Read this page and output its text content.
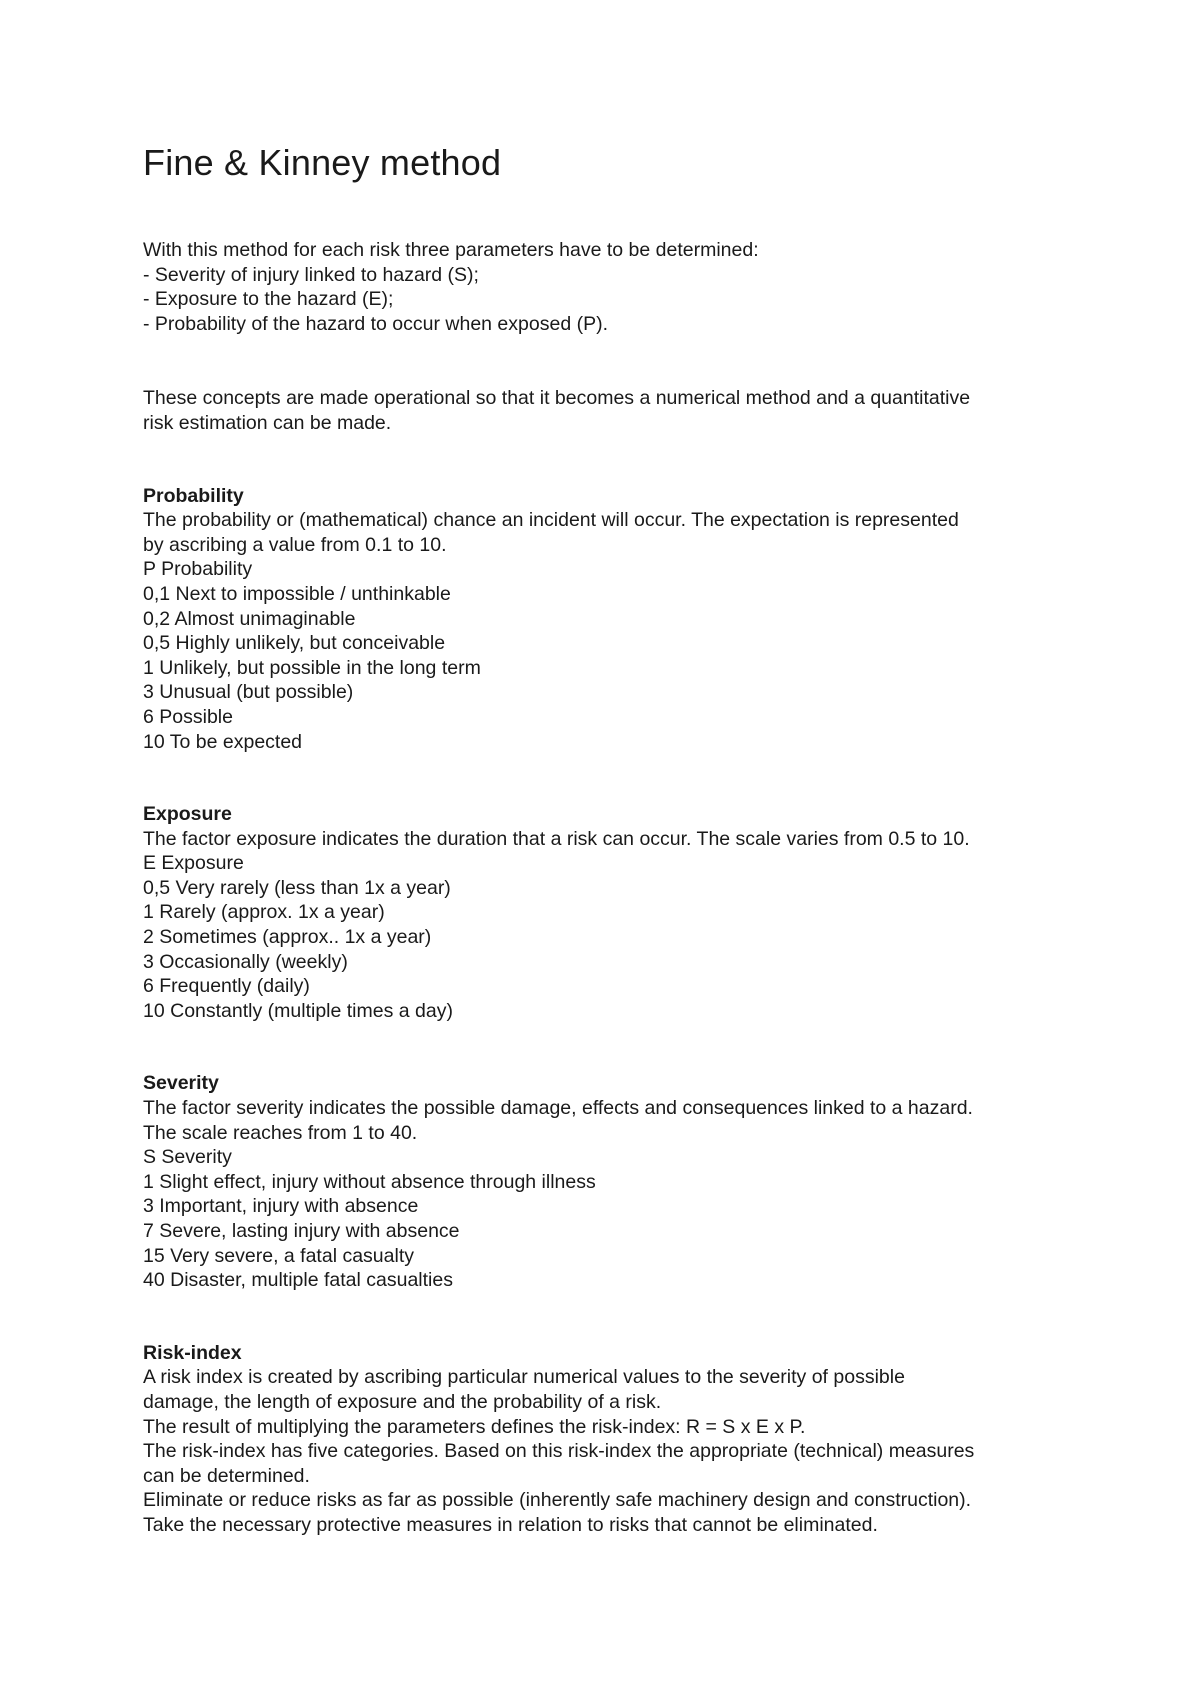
Fine & Kinney method

With this method for each risk three parameters have to be determined:

- Severity of injury linked to hazard (S);

- Exposure to the hazard (E);

- Probability of the hazard to occur when exposed (P).

These concepts are made operational so that it becomes a numerical method and a quantitative

risk estimation can be made.

Probability

The probability or (mathematical) chance an incident will occur. The expectation is represented

by ascribing a value from 0.1 to 10.

P Probability

0,1 Next to impossible / unthinkable

0,2 Almost unimaginable

0,5 Highly unlikely, but conceivable

1 Unlikely, but possible in the long term

3 Unusual (but possible)

6 Possible

10 To be expected

Exposure

The factor exposure indicates the duration that a risk can occur. The scale varies from 0.5 to 10.

E Exposure

0,5 Very rarely (less than 1x a year)

1 Rarely (approx. 1x a year)

2 Sometimes (approx.. 1x a year)

3 Occasionally (weekly)

6 Frequently (daily)

10 Constantly (multiple times a day)

Severity

The factor severity indicates the possible damage, effects and consequences linked to a hazard.

The scale reaches from 1 to 40.

S Severity

1 Slight effect, injury without absence through illness

3 Important, injury with absence

7 Severe, lasting injury with absence

15 Very severe, a fatal casualty

40 Disaster, multiple fatal casualties

Risk-index

A risk index is created by ascribing particular numerical values to the severity of possible

damage, the length of exposure and the probability of a risk.

The result of multiplying the parameters defines the risk-index: R = S x E x P.

The risk-index has five categories. Based on this risk-index the appropriate (technical) measures

can be determined.

Eliminate or reduce risks as far as possible (inherently safe machinery design and construction).

Take the necessary protective measures in relation to risks that cannot be eliminated.
